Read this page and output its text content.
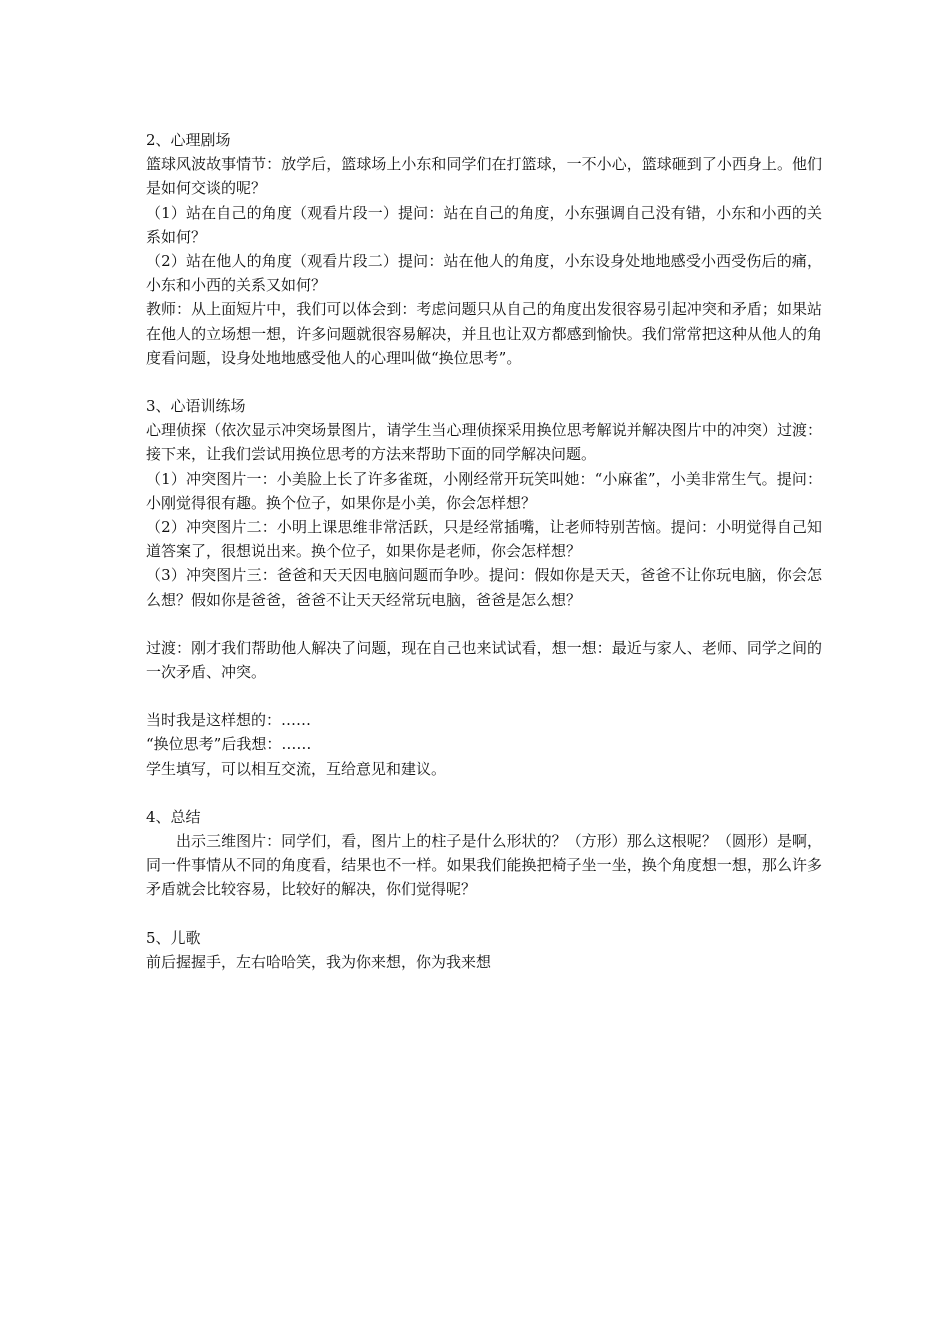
2、心理剧场

篮球风波故事情节：放学后，篮球场上小东和同学们在打篮球，一不小心，篮球砸到了小西身上。他们是如何交谈的呢？

（1）站在自己的角度（观看片段一）提问：站在自己的角度，小东强调自己没有错，小东和小西的关系如何？

（2）站在他人的角度（观看片段二）提问：站在他人的角度，小东设身处地地感受小西受伤后的痛，小东和小西的关系又如何？

教师：从上面短片中，我们可以体会到：考虑问题只从自己的角度出发很容易引起冲突和矛盾；如果站在他人的立场想一想，许多问题就很容易解决，并且也让双方都感到愉快。我们常常把这种从他人的角度看问题，设身处地地感受他人的心理叫做“换位思考”。

3、心语训练场

心理侦探（依次显示冲突场景图片，请学生当心理侦探采用换位思考解说并解决图片中的冲突）过渡：接下来，让我们尝试用换位思考的方法来帮助下面的同学解决问题。

（1）冲突图片一：小美脸上长了许多雀斑，小刚经常开玩笑叫她：“小麻雀”，小美非常生气。提问：小刚觉得很有趣。换个位子，如果你是小美，你会怎样想？

（2）冲突图片二：小明上课思维非常活跃，只是经常插嘴，让老师特别苦恼。提问：小明觉得自己知道答案了，很想说出来。换个位子，如果你是老师，你会怎样想？

（3）冲突图片三：爸爸和天天因电脑问题而争吵。提问：假如你是天天，爸爸不让你玩电脑，你会怎么想？假如你是爸爸，爸爸不让天天经常玩电脑，爸爸是怎么想？

过渡：刚才我们帮助他人解决了问题，现在自己也来试试看，想一想：最近与家人、老师、同学之间的一次矛盾、冲突。

当时我是这样想的：……

“换位思考”后我想：……

学生填写，可以相互交流，互给意见和建议。

4、总结

出示三维图片：同学们，看，图片上的柱子是什么形状的？（方形）那么这根呢？（圆形）是啊，同一件事情从不同的角度看，结果也不一样。如果我们能换把椅子坐一坐，换个角度想一想，那么许多矛盾就会比较容易，比较好的解决，你们觉得呢？

5、儿歌

前后握握手，左右哈哈笑，我为你来想，你为我来想
